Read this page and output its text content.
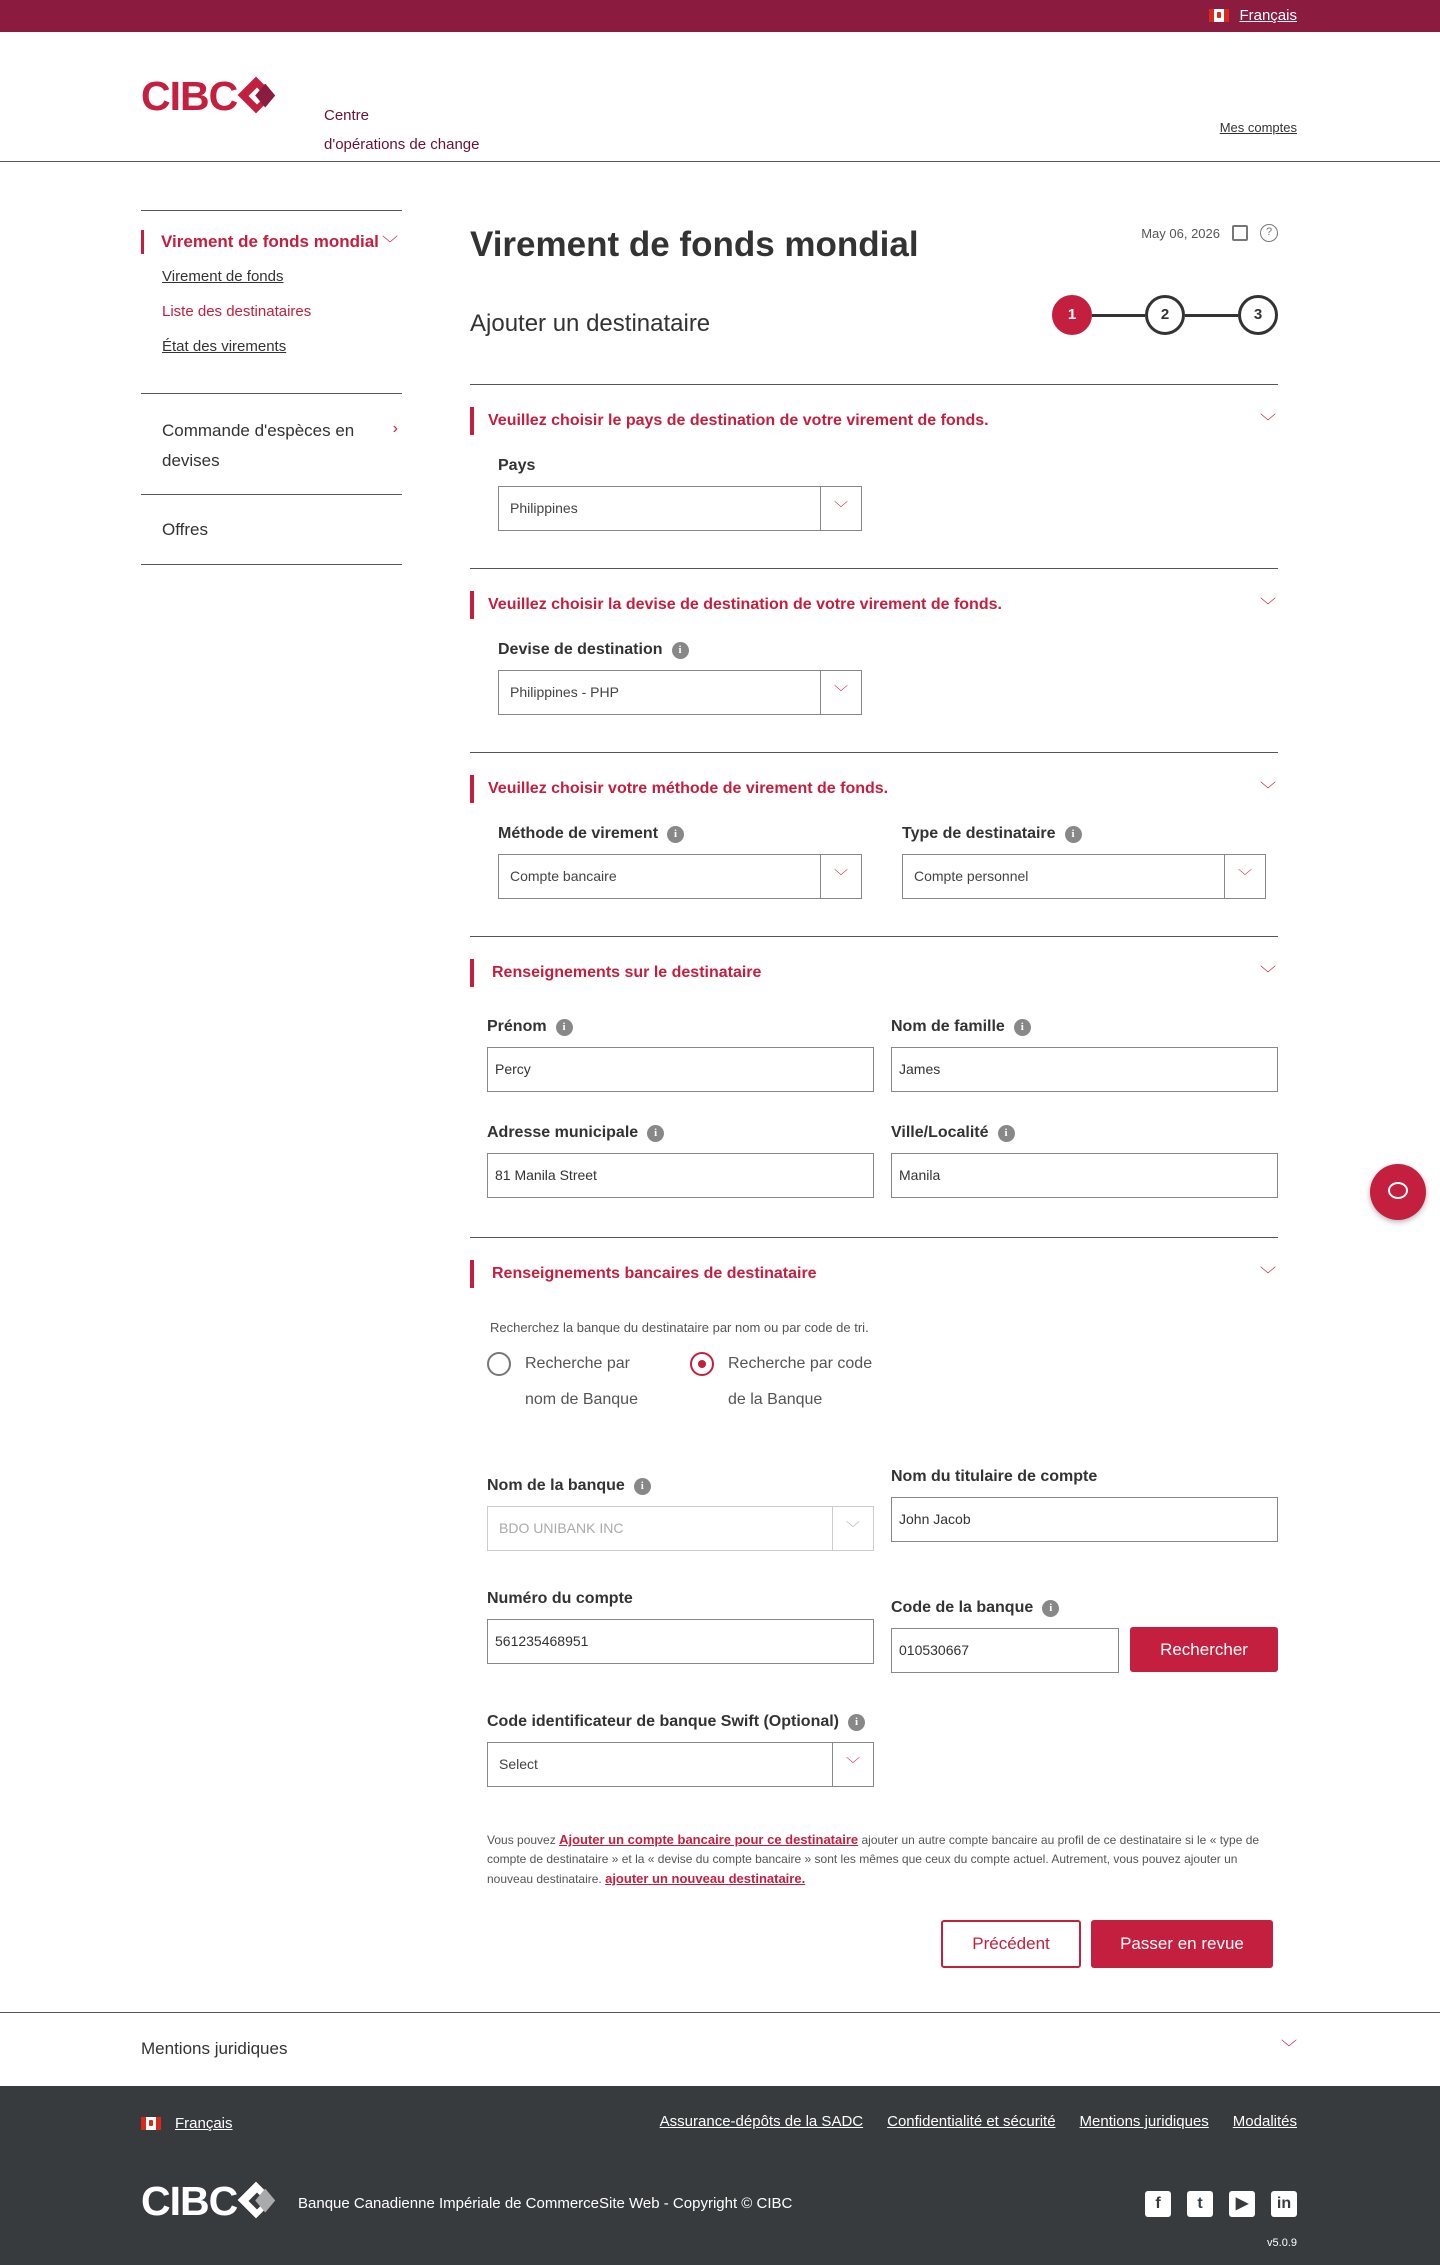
Français
CIBC	Centre
d'opérations de change
Mes comptes
Virement de fonds mondial ﹀
Virement de fonds
Liste des destinataires
État des virements
Commande d'espèces en
devises
›
Offres
Virement de fonds mondial	May 06, 2026	?
Ajouter un destinataire	1	2	3
Veuillez choisir le pays de destination de votre virement de fonds.	﹀
Pays
Philippines	﹀
Veuillez choisir la devise de destination de votre virement de fonds.	﹀
Devise de destination	i
Philippines - PHP	﹀
Veuillez choisir votre méthode de virement de fonds.	﹀
Méthode de virement	i
Compte bancaire	﹀
Type de destinataire	i
Compte personnel	﹀
Renseignements sur le destinataire	﹀
Prénom	i
Percy
Nom de famille	i
James
Adresse municipale	i
81 Manila Street
Ville/Localité	i
Manila
Renseignements bancaires de destinataire	﹀
Recherchez la banque du destinataire par nom ou par code de tri.
Recherche par
nom de Banque
Recherche par code
de la Banque
Nom de la banque	i
BDO UNIBANK INC	﹀
Nom du titulaire de compte
John Jacob
Numéro du compte
561235468951
Code de la banque	i
010530667	Rechercher
Code identificateur de banque Swift (Optional)	i
Select	﹀
Vous pouvez Ajouter un compte bancaire pour ce destinataire ajouter un autre compte bancaire au profil de ce destinataire si le « type de compte de destinataire » et la « devise du compte bancaire » sont les mêmes que ceux du compte actuel. Autrement, vous pouvez ajouter un nouveau destinataire. ajouter un nouveau destinataire.
Précédent	Passer en revue
Mentions juridiques	﹀
Français	Assurance-dépôts de la SADC Confidentialité et sécurité Mentions juridiques Modalités
CIBC	Banque Canadienne Impériale de CommerceSite Web - Copyright © CIBC	f	t	▶	in
v5.0.9
